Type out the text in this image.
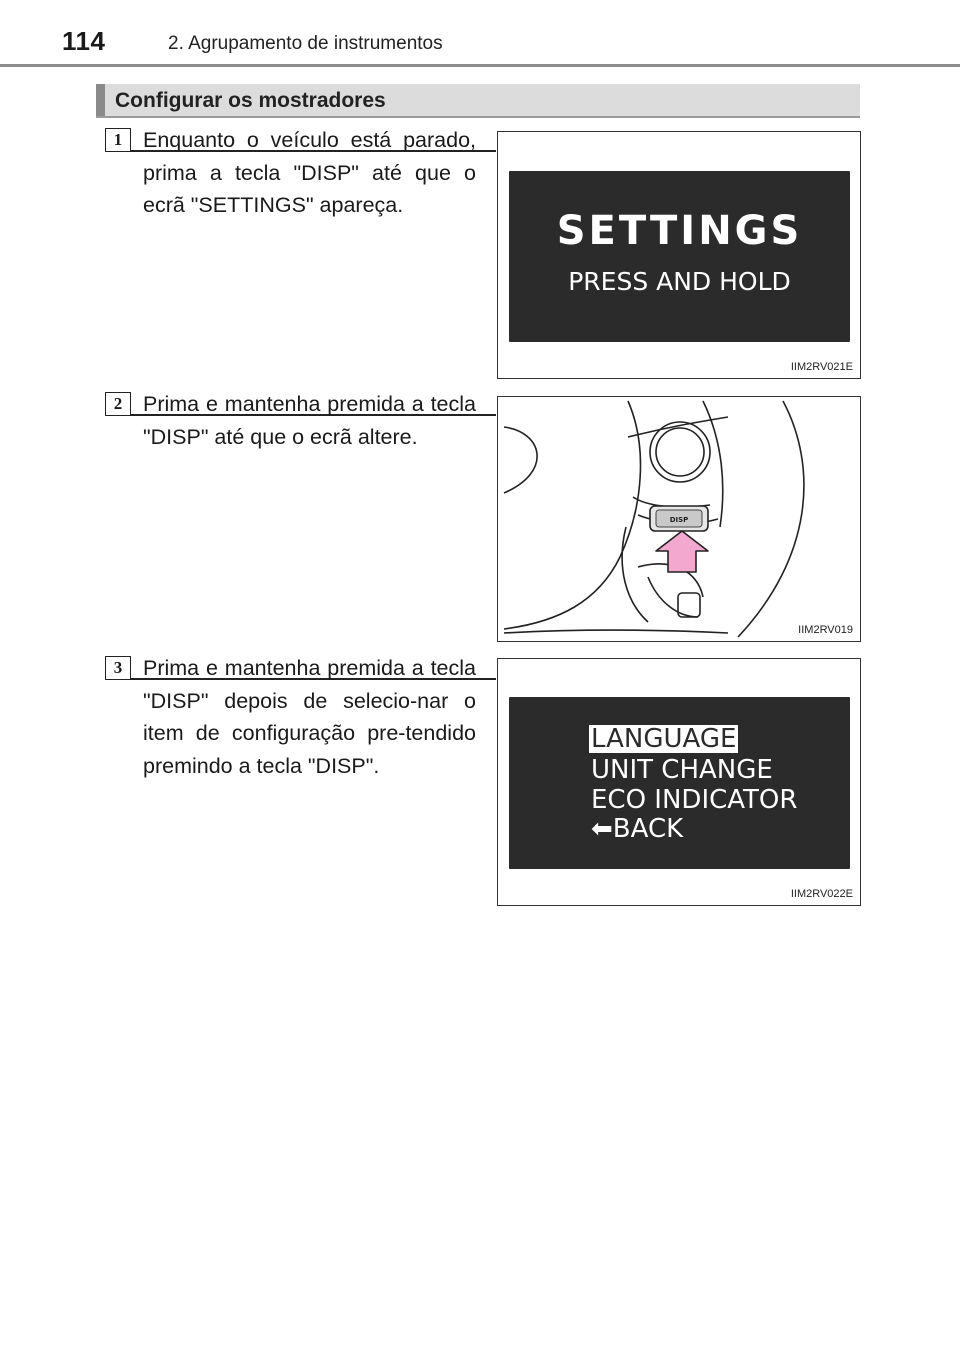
114	2. Agrupamento de instrumentos
Configurar os mostradores
1 Enquanto o veículo está parado, prima a tecla "DISP" até que o ecrã "SETTINGS" apareça.
SETTINGS
PRESS AND HOLD
IIM2RV021E
2 Prima e mantenha premida a tecla "DISP" até que o ecrã altere.
DISP
IIM2RV019
3 Prima e mantenha premida a tecla "DISP" depois de selecio-nar o item de configuração pre-tendido premindo a tecla "DISP".
LANGUAGE
UNIT CHANGE
ECO INDICATOR
⬅BACK
IIM2RV022E
